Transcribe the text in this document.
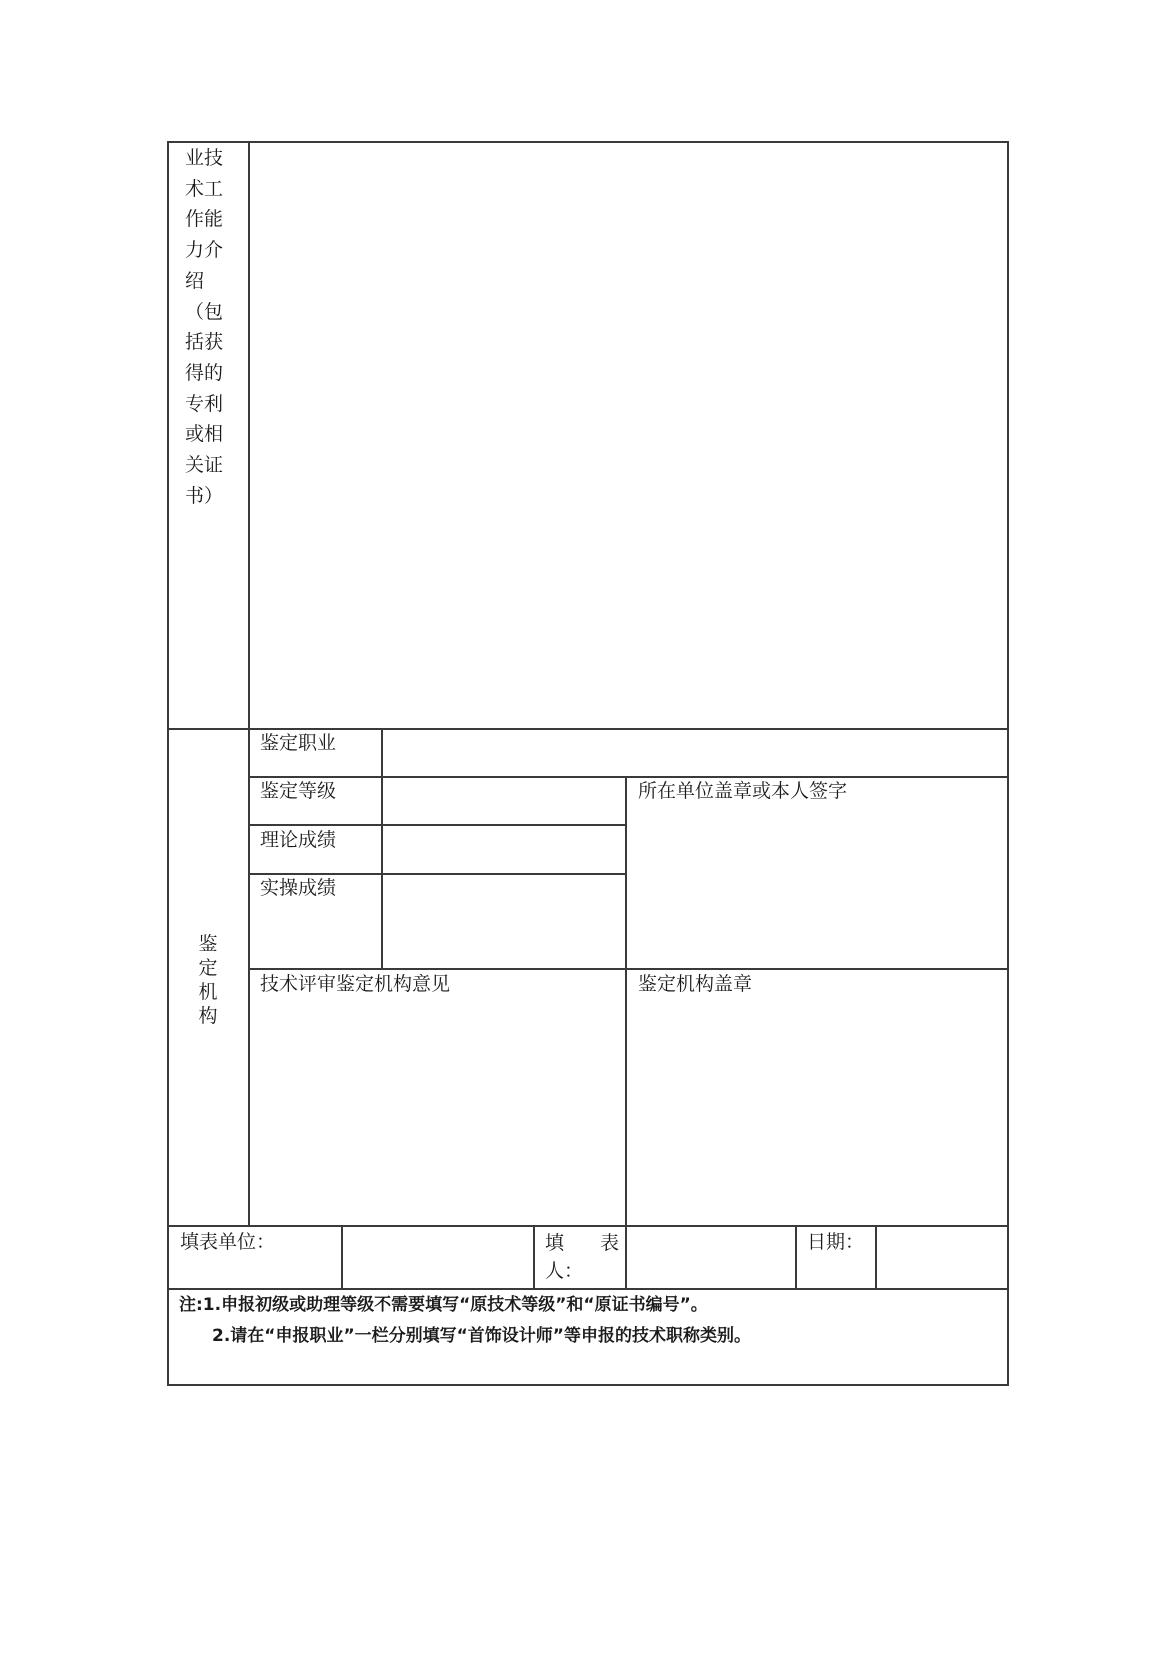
业技
术工
作能
力介
绍
（包
括获
得的
专利
或相
关证
书）
鉴
定
机
构
鉴定职业
鉴定等级
理论成绩
实操成绩
所在单位盖章或本人签字
技术评审鉴定机构意见	鉴定机构盖章
填表单位：	填 表
人：
日期：
注:1.申报初级或助理等级不需要填写“原技术等级”和“原证书编号”。
2.请在“申报职业”一栏分别填写“首饰设计师”等申报的技术职称类别。
